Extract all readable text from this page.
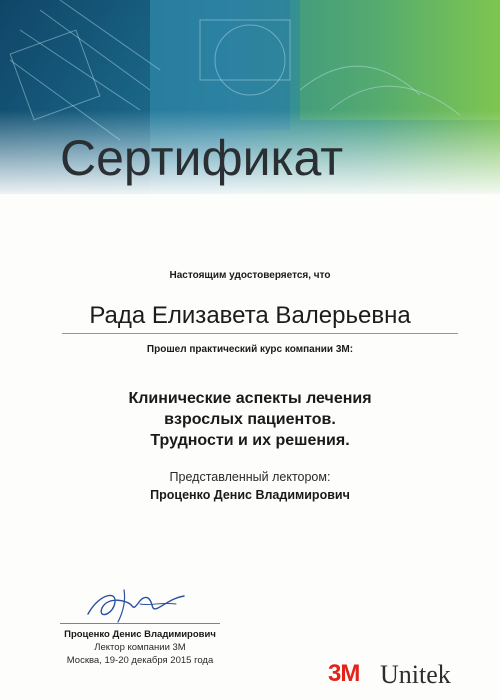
Сертификат
Настоящим удостоверяется, что
Рада Елизавета Валерьевна
Прошел практический курс компании 3М:
Клинические аспекты лечения
взрослых пациентов.
Трудности и их решения.
Представленный лектором:
Проценко Денис Владимирович
Проценко Денис Владимирович
Лектор компании 3М
Москва, 19-20 декабря 2015 года	3M Unitek
